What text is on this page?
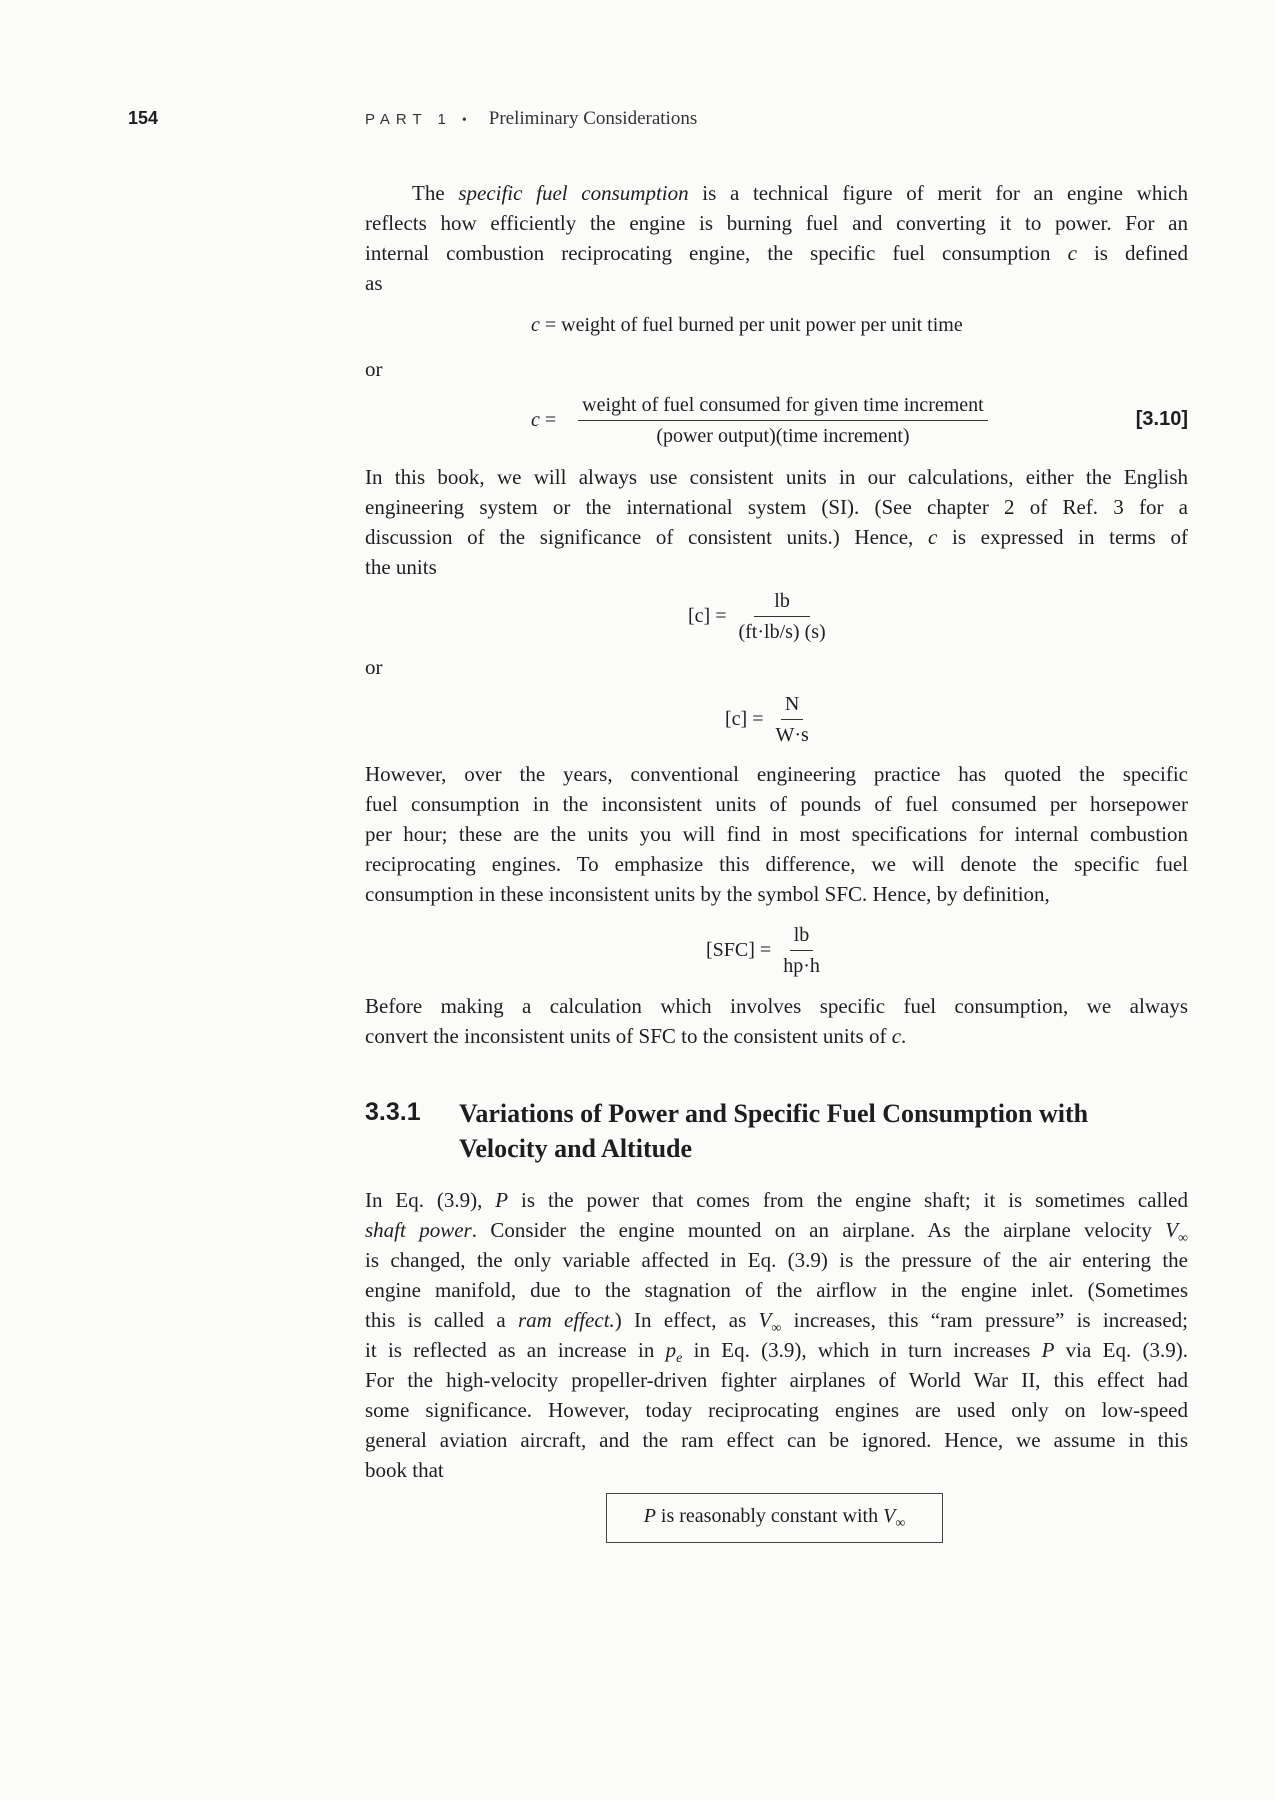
154	PART 1 • Preliminary Considerations
The specific fuel consumption is a technical figure of merit for an engine which
reflects how efficiently the engine is burning fuel and converting it to power. For an
internal combustion reciprocating engine, the specific fuel consumption c is defined
as
c = weight of fuel burned per unit power per unit time
or
$c = \frac{\text{weight of fuel consumed for given time increment}}{\text{(power output)(time increment)}}$	[3.10]
In this book, we will always use consistent units in our calculations, either the English
engineering system or the international system (SI). (See chapter 2 of Ref. 3 for a
discussion of the significance of consistent units.) Hence, c is expressed in terms of
the units
$[c] = \frac{lb}{(ft\cdot lb/s) (s)}$
or
$[c] = \frac{N}{W\cdot s}$
However, over the years, conventional engineering practice has quoted the specific
fuel consumption in the inconsistent units of pounds of fuel consumed per horsepower
per hour; these are the units you will find in most specifications for internal combustion
reciprocating engines. To emphasize this difference, we will denote the specific fuel
consumption in these inconsistent units by the symbol SFC. Hence, by definition,
$[SFC] = \frac{lb}{hp\cdot h}$
Before making a calculation which involves specific fuel consumption, we always
convert the inconsistent units of SFC to the consistent units of c.
3.3.1 Variations of Power and Specific Fuel Consumption with
Velocity and Altitude
In Eq. (3.9), P is the power that comes from the engine shaft; it is sometimes called
shaft power. Consider the engine mounted on an airplane. As the airplane velocity $V_\infty$
is changed, the only variable affected in Eq. (3.9) is the pressure of the air entering the
engine manifold, due to the stagnation of the airflow in the engine inlet. (Sometimes
this is called a ram effect.) In effect, as $V_\infty$ increases, this “ram pressure” is increased;
it is reflected as an increase in $p_e$ in Eq. (3.9), which in turn increases P via Eq. (3.9).
For the high-velocity propeller-driven fighter airplanes of World War II, this effect had
some significance. However, today reciprocating engines are used only on low-speed
general aviation aircraft, and the ram effect can be ignored. Hence, we assume in this
book that
P is reasonably constant with $V_\infty$
